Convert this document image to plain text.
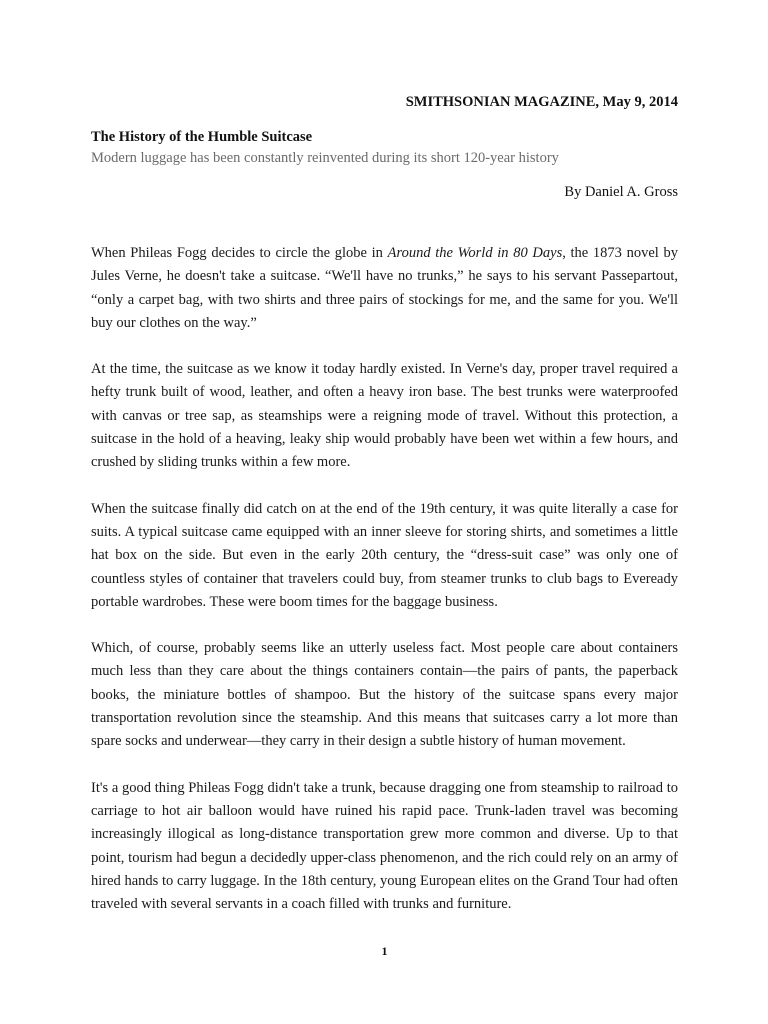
SMITHSONIAN MAGAZINE, May 9, 2014
The History of the Humble Suitcase
Modern luggage has been constantly reinvented during its short 120-year history
By Daniel A. Gross

When Phileas Fogg decides to circle the globe in Around the World in 80 Days, the 1873 novel by Jules Verne, he doesn't take a suitcase. “We'll have no trunks,” he says to his servant Passepartout, “only a carpet bag, with two shirts and three pairs of stockings for me, and the same for you. We'll buy our clothes on the way.”

At the time, the suitcase as we know it today hardly existed. In Verne's day, proper travel required a hefty trunk built of wood, leather, and often a heavy iron base. The best trunks were waterproofed with canvas or tree sap, as steamships were a reigning mode of travel. Without this protection, a suitcase in the hold of a heaving, leaky ship would probably have been wet within a few hours, and crushed by sliding trunks within a few more.

When the suitcase finally did catch on at the end of the 19th century, it was quite literally a case for suits. A typical suitcase came equipped with an inner sleeve for storing shirts, and sometimes a little hat box on the side. But even in the early 20th century, the “dress-suit case” was only one of countless styles of container that travelers could buy, from steamer trunks to club bags to Eveready portable wardrobes. These were boom times for the baggage business.

Which, of course, probably seems like an utterly useless fact. Most people care about containers much less than they care about the things containers contain—the pairs of pants, the paperback books, the miniature bottles of shampoo. But the history of the suitcase spans every major transportation revolution since the steamship. And this means that suitcases carry a lot more than spare socks and underwear—they carry in their design a subtle history of human movement.

It's a good thing Phileas Fogg didn't take a trunk, because dragging one from steamship to railroad to carriage to hot air balloon would have ruined his rapid pace. Trunk-laden travel was becoming increasingly illogical as long-distance transportation grew more common and diverse. Up to that point, tourism had begun a decidedly upper-class phenomenon, and the rich could rely on an army of hired hands to carry luggage. In the 18th century, young European elites on the Grand Tour had often traveled with several servants in a coach filled with trunks and furniture.

1
